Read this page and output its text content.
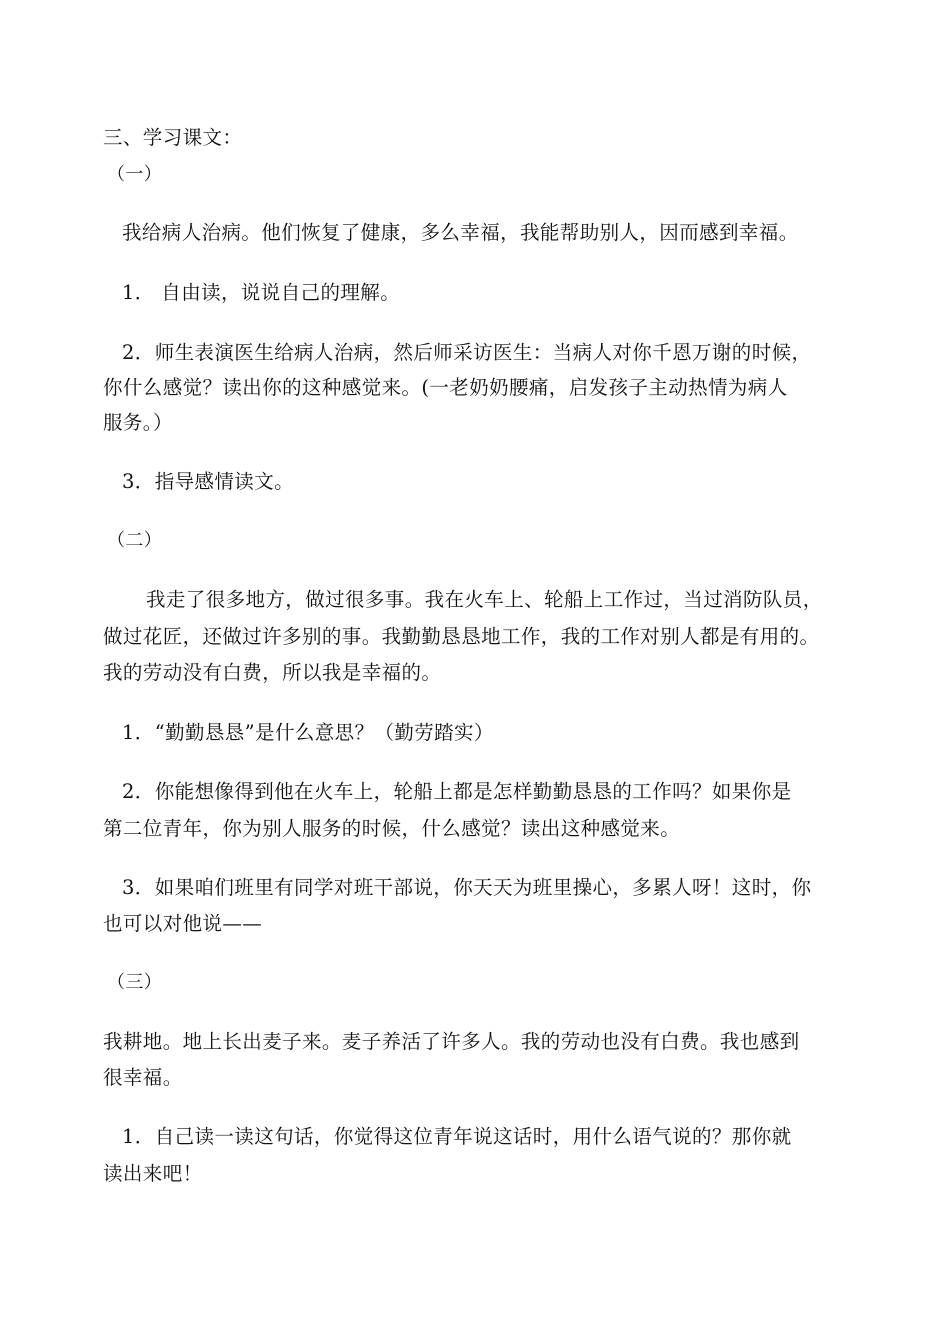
三、学习课文：
（一）
我给病人治病。他们恢复了健康，多么幸福，我能帮助别人，因而感到幸福。
1． 自由读，说说自己的理解。
2．师生表演医生给病人治病，然后师采访医生：当病人对你千恩万谢的时候，
你什么感觉？读出你的这种感觉来。(一老奶奶腰痛，启发孩子主动热情为病人
服务。）
3．指导感情读文。
（二）
我走了很多地方，做过很多事。我在火车上、轮船上工作过，当过消防队员，
做过花匠，还做过许多别的事。我勤勤恳恳地工作，我的工作对别人都是有用的。
我的劳动没有白费，所以我是幸福的。
1．“勤勤恳恳”是什么意思？（勤劳踏实）
2．你能想像得到他在火车上，轮船上都是怎样勤勤恳恳的工作吗？如果你是
第二位青年，你为别人服务的时候，什么感觉？读出这种感觉来。
3．如果咱们班里有同学对班干部说，你天天为班里操心，多累人呀！这时，你
也可以对他说——
（三）
我耕地。地上长出麦子来。麦子养活了许多人。我的劳动也没有白费。我也感到
很幸福。
1．自己读一读这句话，你觉得这位青年说这话时，用什么语气说的？那你就
读出来吧！
